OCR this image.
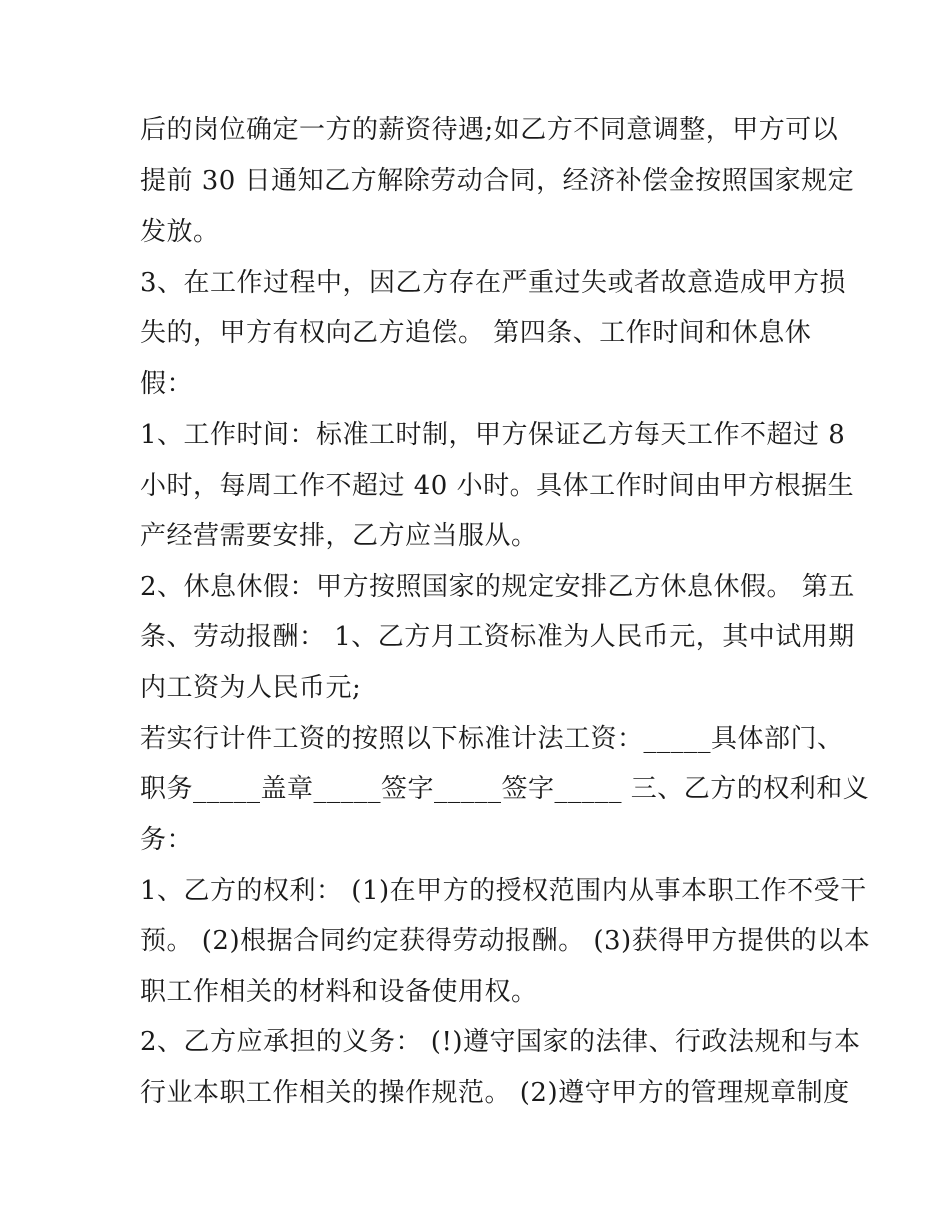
后的岗位确定一方的薪资待遇;如乙方不同意调整，甲方可以
提前 30 日通知乙方解除劳动合同，经济补偿金按照国家规定
发放。
3、在工作过程中，因乙方存在严重过失或者故意造成甲方损
失的，甲方有权向乙方追偿。 第四条、工作时间和休息休
假：
1、工作时间：标准工时制，甲方保证乙方每天工作不超过 8
小时，每周工作不超过 40 小时。具体工作时间由甲方根据生
产经营需要安排，乙方应当服从。
2、休息休假：甲方按照国家的规定安排乙方休息休假。 第五
条、劳动报酬： 1、乙方月工资标准为人民币元，其中试用期
内工资为人民币元;
若实行计件工资的按照以下标准计法工资：_____具体部门、
职务_____盖章_____签字_____签字_____ 三、乙方的权利和义
务：
1、乙方的权利： (1)在甲方的授权范围内从事本职工作不受干
预。 (2)根据合同约定获得劳动报酬。 (3)获得甲方提供的以本
职工作相关的材料和设备使用权。
2、乙方应承担的义务： (!)遵守国家的法律、行政法规和与本
行业本职工作相关的操作规范。 (2)遵守甲方的管理规章制度
